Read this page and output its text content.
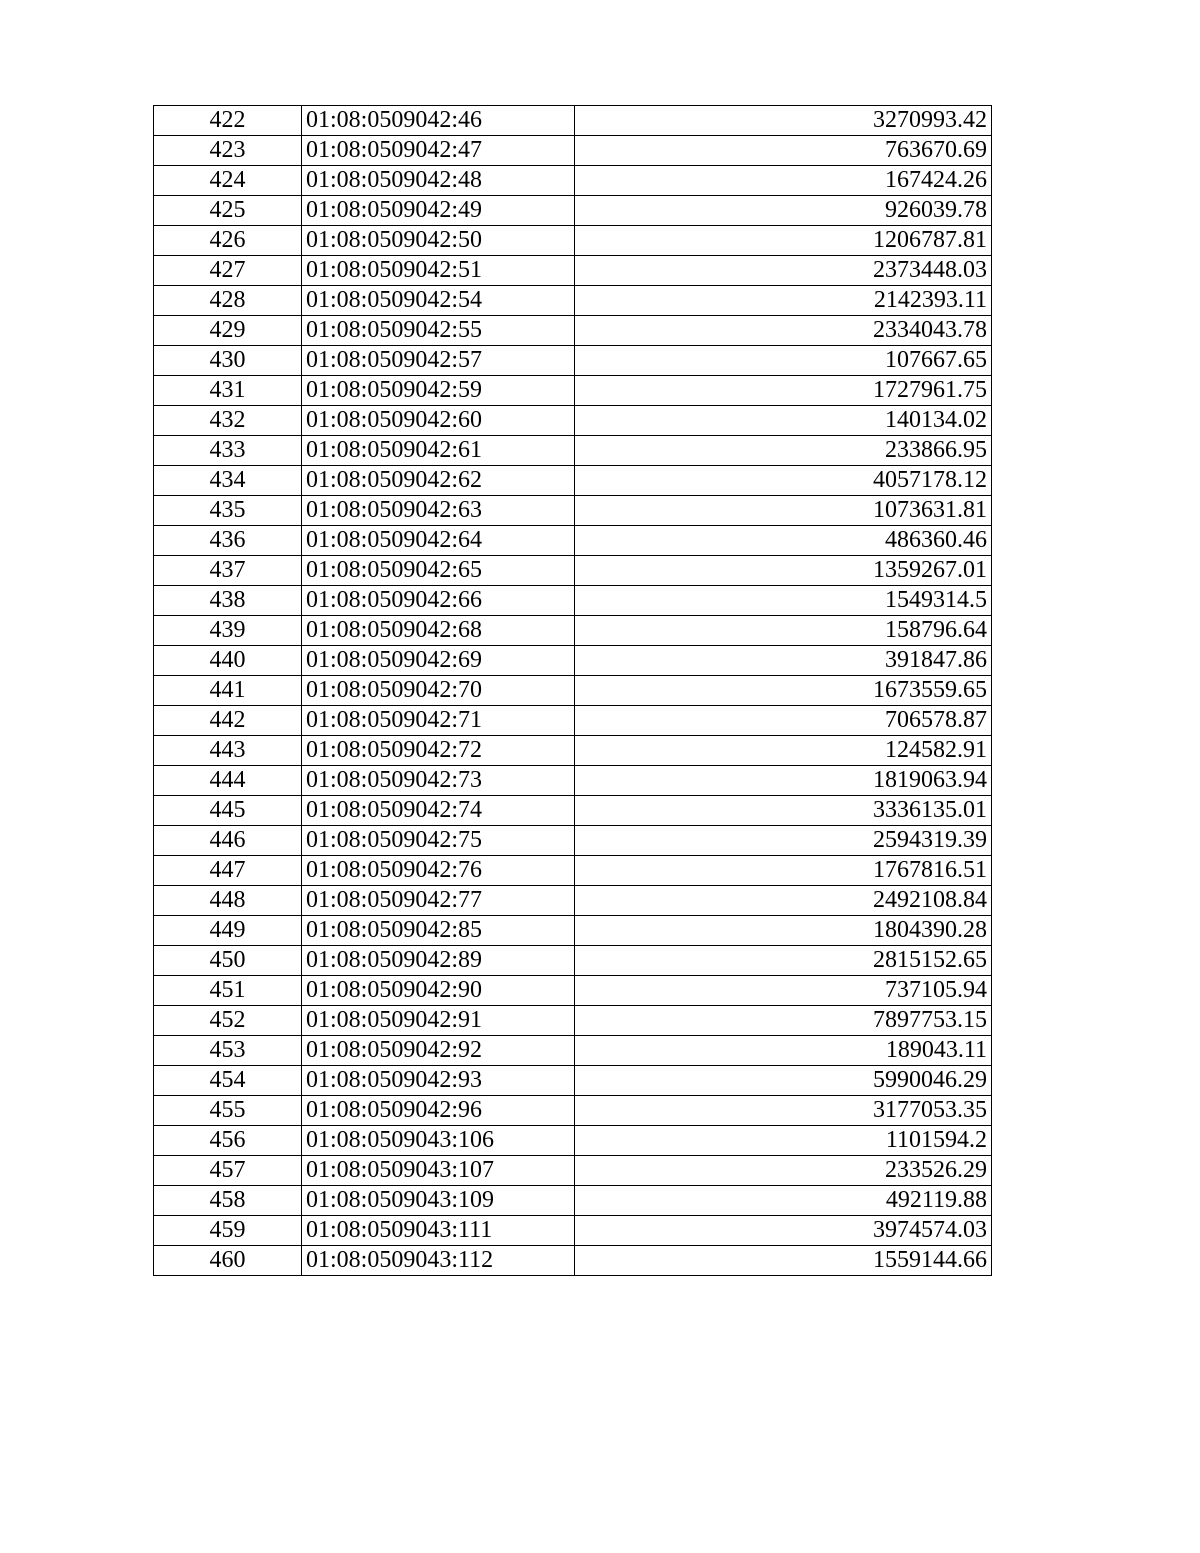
422	01:08:0509042:46	3270993.42
423	01:08:0509042:47	763670.69
424	01:08:0509042:48	167424.26
425	01:08:0509042:49	926039.78
426	01:08:0509042:50	1206787.81
427	01:08:0509042:51	2373448.03
428	01:08:0509042:54	2142393.11
429	01:08:0509042:55	2334043.78
430	01:08:0509042:57	107667.65
431	01:08:0509042:59	1727961.75
432	01:08:0509042:60	140134.02
433	01:08:0509042:61	233866.95
434	01:08:0509042:62	4057178.12
435	01:08:0509042:63	1073631.81
436	01:08:0509042:64	486360.46
437	01:08:0509042:65	1359267.01
438	01:08:0509042:66	1549314.5
439	01:08:0509042:68	158796.64
440	01:08:0509042:69	391847.86
441	01:08:0509042:70	1673559.65
442	01:08:0509042:71	706578.87
443	01:08:0509042:72	124582.91
444	01:08:0509042:73	1819063.94
445	01:08:0509042:74	3336135.01
446	01:08:0509042:75	2594319.39
447	01:08:0509042:76	1767816.51
448	01:08:0509042:77	2492108.84
449	01:08:0509042:85	1804390.28
450	01:08:0509042:89	2815152.65
451	01:08:0509042:90	737105.94
452	01:08:0509042:91	7897753.15
453	01:08:0509042:92	189043.11
454	01:08:0509042:93	5990046.29
455	01:08:0509042:96	3177053.35
456	01:08:0509043:106	1101594.2
457	01:08:0509043:107	233526.29
458	01:08:0509043:109	492119.88
459	01:08:0509043:111	3974574.03
460	01:08:0509043:112	1559144.66
